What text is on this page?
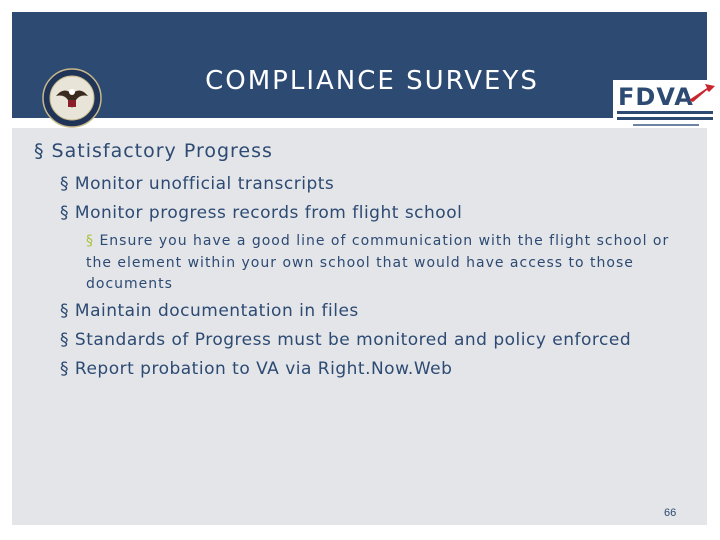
COMPLIANCE SURVEYS
FDVA
§ Satisfactory Progress
§ Monitor unofficial transcripts
§ Monitor progress records from flight school
§ Ensure you have a good line of communication with the flight school or the element within your own school that would have access to those documents
§ Maintain documentation in files
§ Standards of Progress must be monitored and policy enforced
§ Report probation to VA via Right.Now.Web
66
